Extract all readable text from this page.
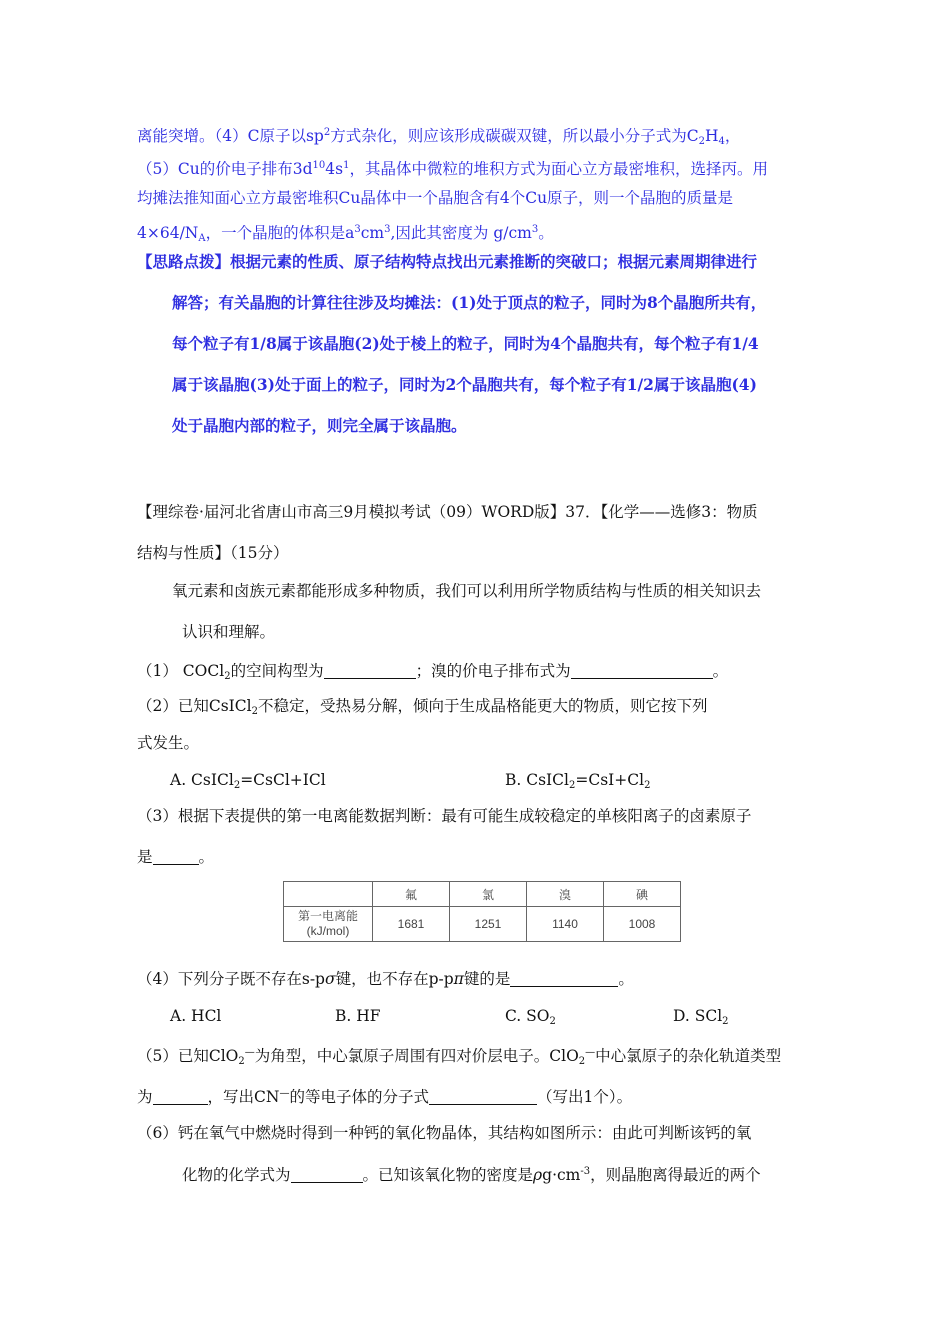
离能突增。（4）C原子以$sp^2$方式杂化，则应该形成碳碳双键，所以最小分子式为$C_2H_4$，
（5）Cu的价电子排布$3d^{10}4s^1$，其晶体中微粒的堆积方式为面心立方最密堆积，选择丙。用
均摊法推知面心立方最密堆积Cu晶体中一个晶胞含有4个Cu原子，则一个晶胞的质量是
$4\times 64/N_A$，一个晶胞的体积是$a^3cm^3$,因此其密度为 $g/cm^3$。
【思路点拨】根据元素的性质、原子结构特点找出元素推断的突破口；根据元素周期律进行
解答；有关晶胞的计算往往涉及均摊法：(1)处于顶点的粒子，同时为8个晶胞所共有，
每个粒子有1/8属于该晶胞(2)处于棱上的粒子，同时为4个晶胞共有，每个粒子有1/4
属于该晶胞(3)处于面上的粒子，同时为2个晶胞共有，每个粒子有1/2属于该晶胞(4)
处于晶胞内部的粒子，则完全属于该晶胞。
【理综卷·届河北省唐山市高三9月模拟考试（09）WORD版】37．【化学——选修3：物质
结构与性质】（15分）
氧元素和卤族元素都能形成多种物质，我们可以利用所学物质结构与性质的相关知识去
认识和理解。
（1） COCl$_2$的空间构型为	；溴的价电子排布式为	。
（2）已知CsICl$_2$不稳定，受热易分解，倾向于生成晶格能更大的物质，则它按下列
式发生。
A. CsICl$_2$=CsCl+ICl	B. $CsICl_2=CsI+Cl_2$
（3）根据下表提供的第一电离能数据判断：最有可能生成较稳定的单核阳离子的卤素原子
是	。
	氟	氯	溴	碘

第一电离能
(kJ/mol)	1681	1251	1140	1008
（4）下列分子既不存在s-pσ键，也不存在p-pπ键的是	。
A. HCl	B. HF	C. $SO_2$	D. SCl$_2$
（5）已知ClO$_2$—为角型，中心氯原子周围有四对价层电子。ClO$_2$—中心氯原子的杂化轨道类型
为	，写出CN—的等电子体的分子式	（写出1个）。
（6）钙在氧气中燃烧时得到一种钙的氧化物晶体，其结构如图所示：由此可判断该钙的氧
化物的化学式为	。已知该氧化物的密度是$\rho g\cdot cm^{-3}$，则晶胞离得最近的两个
